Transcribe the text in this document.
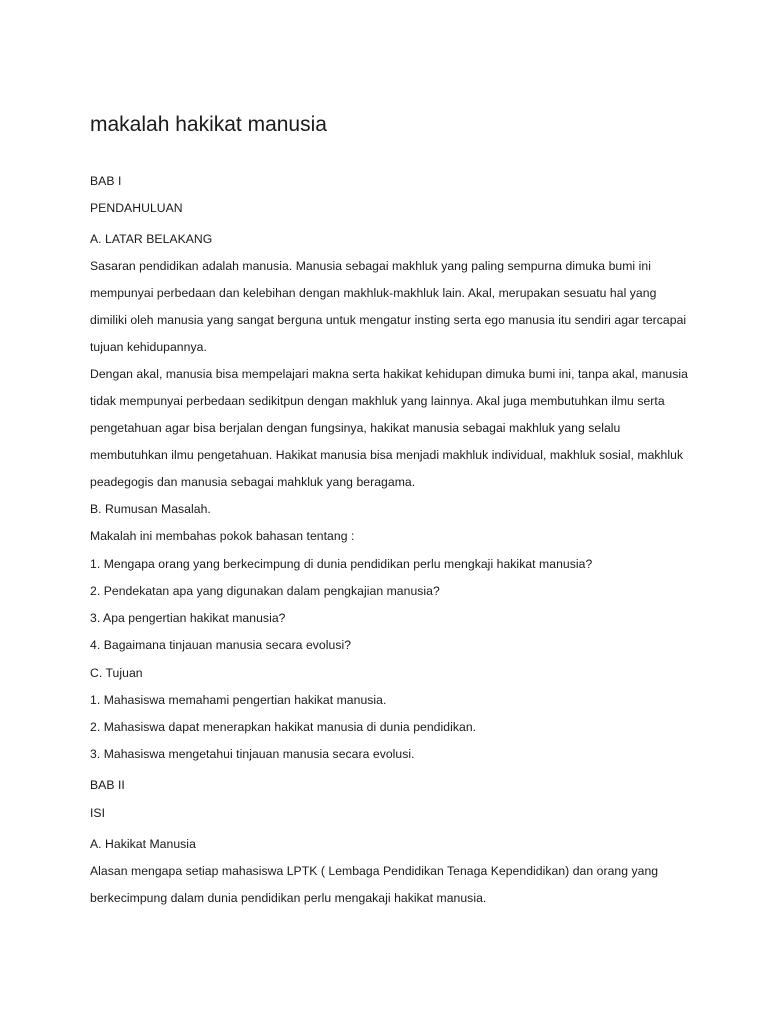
makalah hakikat manusia
BAB I
PENDAHULUAN
A. LATAR BELAKANG
Sasaran pendidikan adalah manusia. Manusia sebagai makhluk yang paling sempurna dimuka bumi ini
mempunyai perbedaan dan kelebihan dengan makhluk-makhluk lain. Akal, merupakan sesuatu hal yang
dimiliki oleh manusia yang sangat berguna untuk mengatur insting serta ego manusia itu sendiri agar tercapai
tujuan kehidupannya.
Dengan akal, manusia bisa mempelajari makna serta hakikat kehidupan dimuka bumi ini, tanpa akal, manusia
tidak mempunyai perbedaan sedikitpun dengan makhluk yang lainnya. Akal juga membutuhkan ilmu serta
pengetahuan agar bisa berjalan dengan fungsinya, hakikat manusia sebagai makhluk yang selalu
membutuhkan ilmu pengetahuan. Hakikat manusia bisa menjadi makhluk individual, makhluk sosial, makhluk
peadegogis dan manusia sebagai mahkluk yang beragama.
B. Rumusan Masalah.
Makalah ini membahas pokok bahasan tentang :
1. Mengapa orang yang berkecimpung di dunia pendidikan perlu mengkaji hakikat manusia?
2. Pendekatan apa yang digunakan dalam pengkajian manusia?
3. Apa pengertian hakikat manusia?
4. Bagaimana tinjauan manusia secara evolusi?
C. Tujuan
1. Mahasiswa memahami pengertian hakikat manusia.
2. Mahasiswa dapat menerapkan hakikat manusia di dunia pendidikan.
3. Mahasiswa mengetahui tinjauan manusia secara evolusi.
BAB II
ISI
A. Hakikat Manusia
Alasan mengapa setiap mahasiswa LPTK ( Lembaga Pendidikan Tenaga Kependidikan) dan orang yang
berkecimpung dalam dunia pendidikan perlu mengakaji hakikat manusia.
